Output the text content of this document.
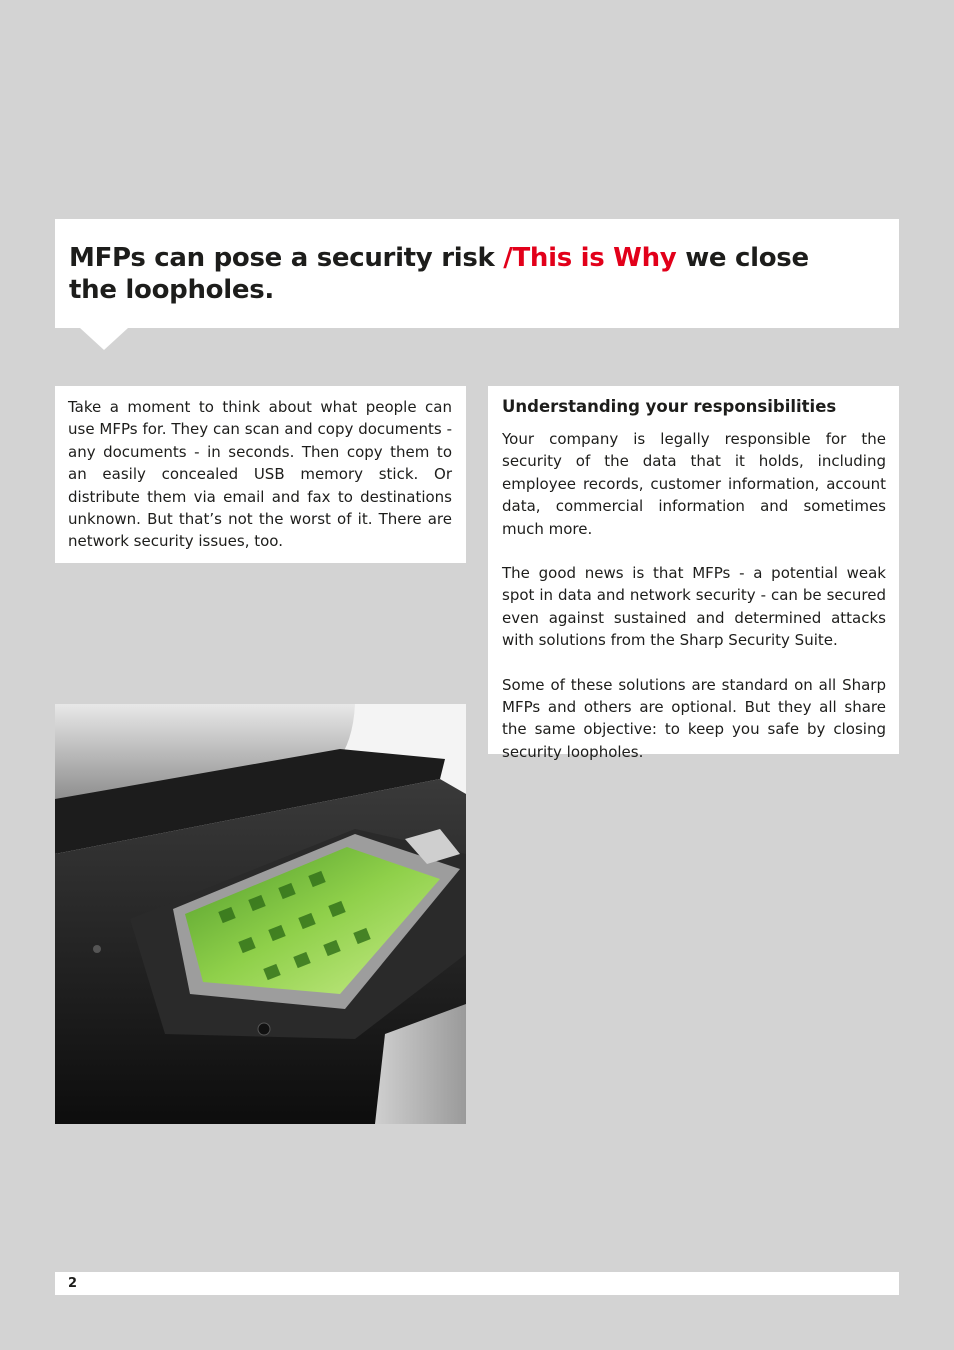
MFPs can pose a security risk /This is Why we close the loopholes.

Take a moment to think about what people can use MFPs for. They can scan and copy documents - any documents - in seconds. Then copy them to an easily concealed USB memory stick. Or distribute them via email and fax to destinations unknown. But that’s not the worst of it. There are network security issues, too.

Understanding your responsibilities

Your company is legally responsible for the security of the data that it holds, including employee records, customer information, account data, commercial information and sometimes much more.

The good news is that MFPs - a potential weak spot in data and network security - can be secured even against sustained and determined attacks with solutions from the Sharp Security Suite.

Some of these solutions are standard on all Sharp MFPs and others are optional. But they all share the same objective: to keep you safe by closing security loopholes.

2
